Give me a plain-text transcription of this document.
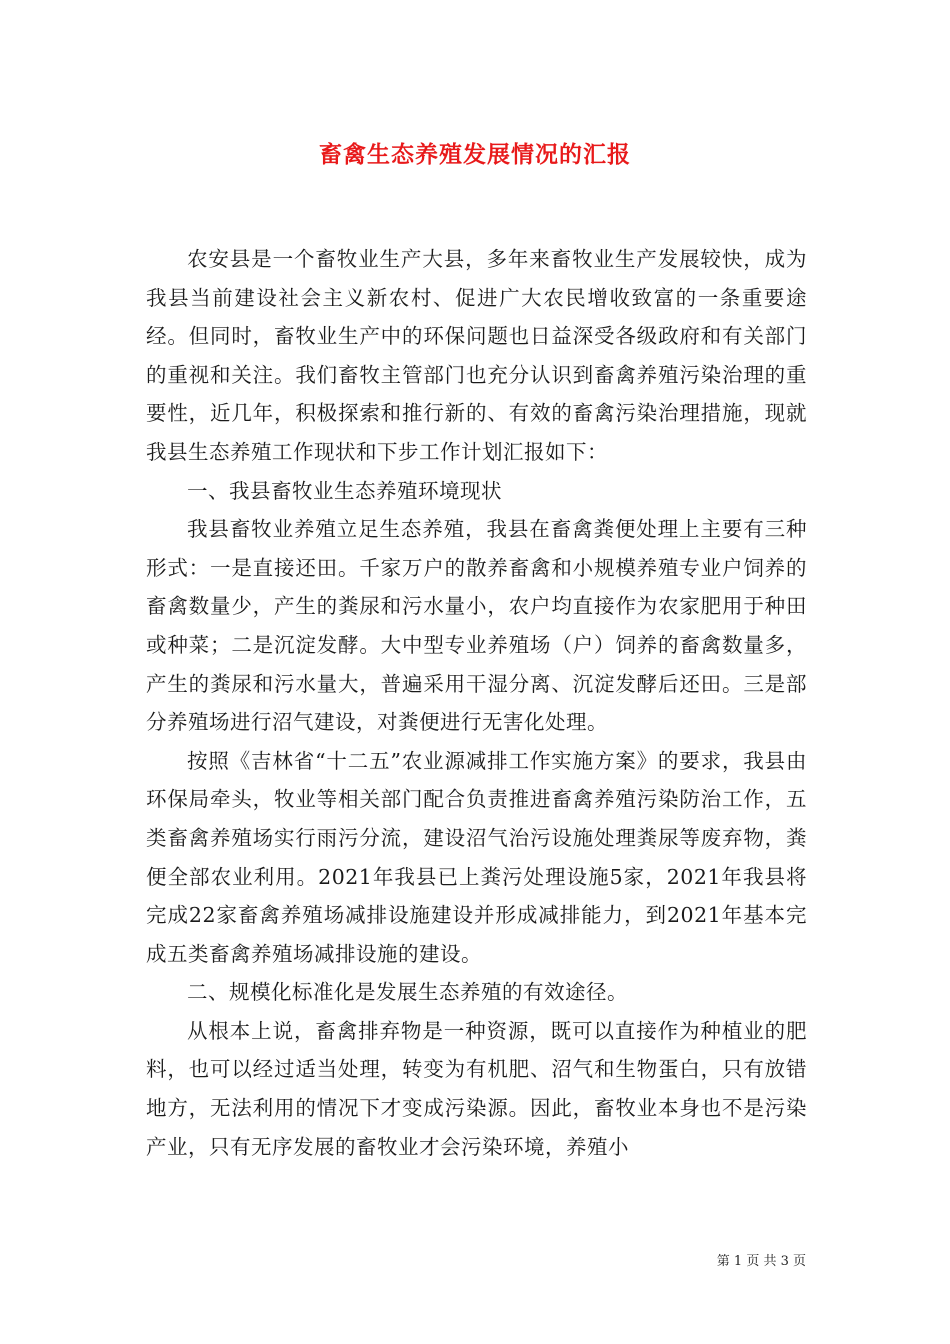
畜禽生态养殖发展情况的汇报

农安县是一个畜牧业生产大县，多年来畜牧业生产发展较快，成为我县当前建设社会主义新农村、促进广大农民增收致富的一条重要途经。但同时，畜牧业生产中的环保问题也日益深受各级政府和有关部门的重视和关注。我们畜牧主管部门也充分认识到畜禽养殖污染治理的重要性，近几年，积极探索和推行新的、有效的畜禽污染治理措施，现就我县生态养殖工作现状和下步工作计划汇报如下：

一、我县畜牧业生态养殖环境现状

我县畜牧业养殖立足生态养殖，我县在畜禽粪便处理上主要有三种形式：一是直接还田。千家万户的散养畜禽和小规模养殖专业户饲养的畜禽数量少，产生的粪尿和污水量小，农户均直接作为农家肥用于种田或种菜；二是沉淀发酵。大中型专业养殖场（户）饲养的畜禽数量多，产生的粪尿和污水量大，普遍采用干湿分离、沉淀发酵后还田。三是部分养殖场进行沼气建设，对粪便进行无害化处理。

按照《吉林省“十二五”农业源减排工作实施方案》的要求，我县由环保局牵头，牧业等相关部门配合负责推进畜禽养殖污染防治工作，五类畜禽养殖场实行雨污分流，建设沼气治污设施处理粪尿等废弃物，粪便全部农业利用。2021年我县已上粪污处理设施5家，2021年我县将完成22家畜禽养殖场减排设施建设并形成减排能力，到2021年基本完成五类畜禽养殖场减排设施的建设。

二、规模化标准化是发展生态养殖的有效途径。

从根本上说，畜禽排弃物是一种资源，既可以直接作为种植业的肥料，也可以经过适当处理，转变为有机肥、沼气和生物蛋白，只有放错地方，无法利用的情况下才变成污染源。因此，畜牧业本身也不是污染产业，只有无序发展的畜牧业才会污染环境，养殖小

第 1 页 共 3 页
